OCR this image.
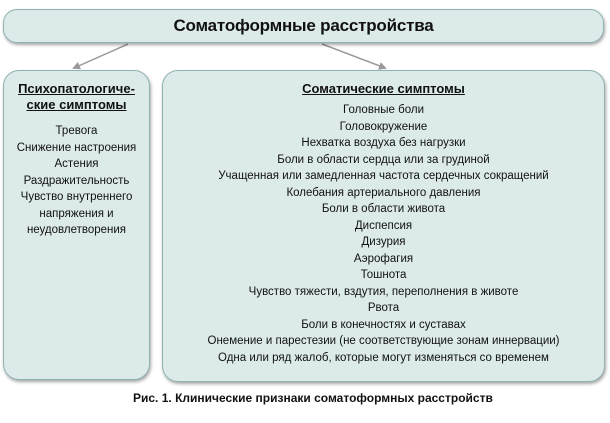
Соматоформные расстройства
Психопатологиче-
ские симптомы
Тревога
Снижение настроения
Астения
Раздражительность
Чувство внутреннего
напряжения и
неудовлетворения
Соматические симптомы
Головные боли
Головокружение
Нехватка воздуха без нагрузки
Боли в области сердца или за грудиной
Учащенная или замедленная частота сердечных сокращений
Колебания артериального давления
Боли в области живота
Диспепсия
Дизурия
Аэрофагия
Тошнота
Чувство тяжести, вздутия, переполнения в животе
Рвота
Боли в конечностях и суставах
Онемение и парестезии (не соответствующие зонам иннервации)
Одна или ряд жалоб, которые могут изменяться со временем
Рис. 1. Клинические признаки соматоформных расстройств
